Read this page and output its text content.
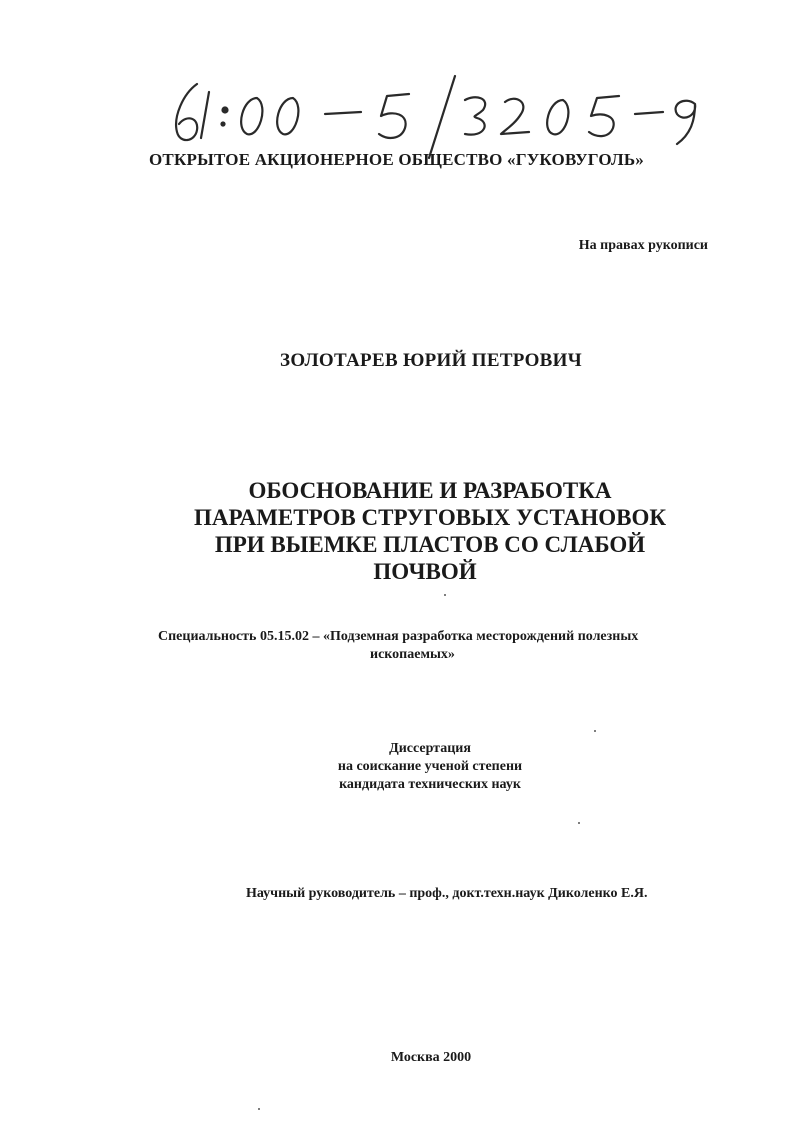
ОТКРЫТОЕ АКЦИОНЕРНОЕ ОБЩЕСТВО «ГУКОВУГОЛЬ»
На правах рукописи
ЗОЛОТАРЕВ ЮРИЙ ПЕТРОВИЧ
ОБОСНОВАНИЕ И РАЗРАБОТКА
ПАРАМЕТРОВ СТРУГОВЫХ УСТАНОВОК
ПРИ ВЫЕМКЕ ПЛАСТОВ СО СЛАБОЙ
ПОЧВОЙ
Специальность 05.15.02 – «Подземная разработка месторождений полезных
ископаемых»
Диссертация
на соискание ученой степени
кандидата технических наук
Научный руководитель – проф., докт.техн.наук Диколенко Е.Я.
Москва 2000
